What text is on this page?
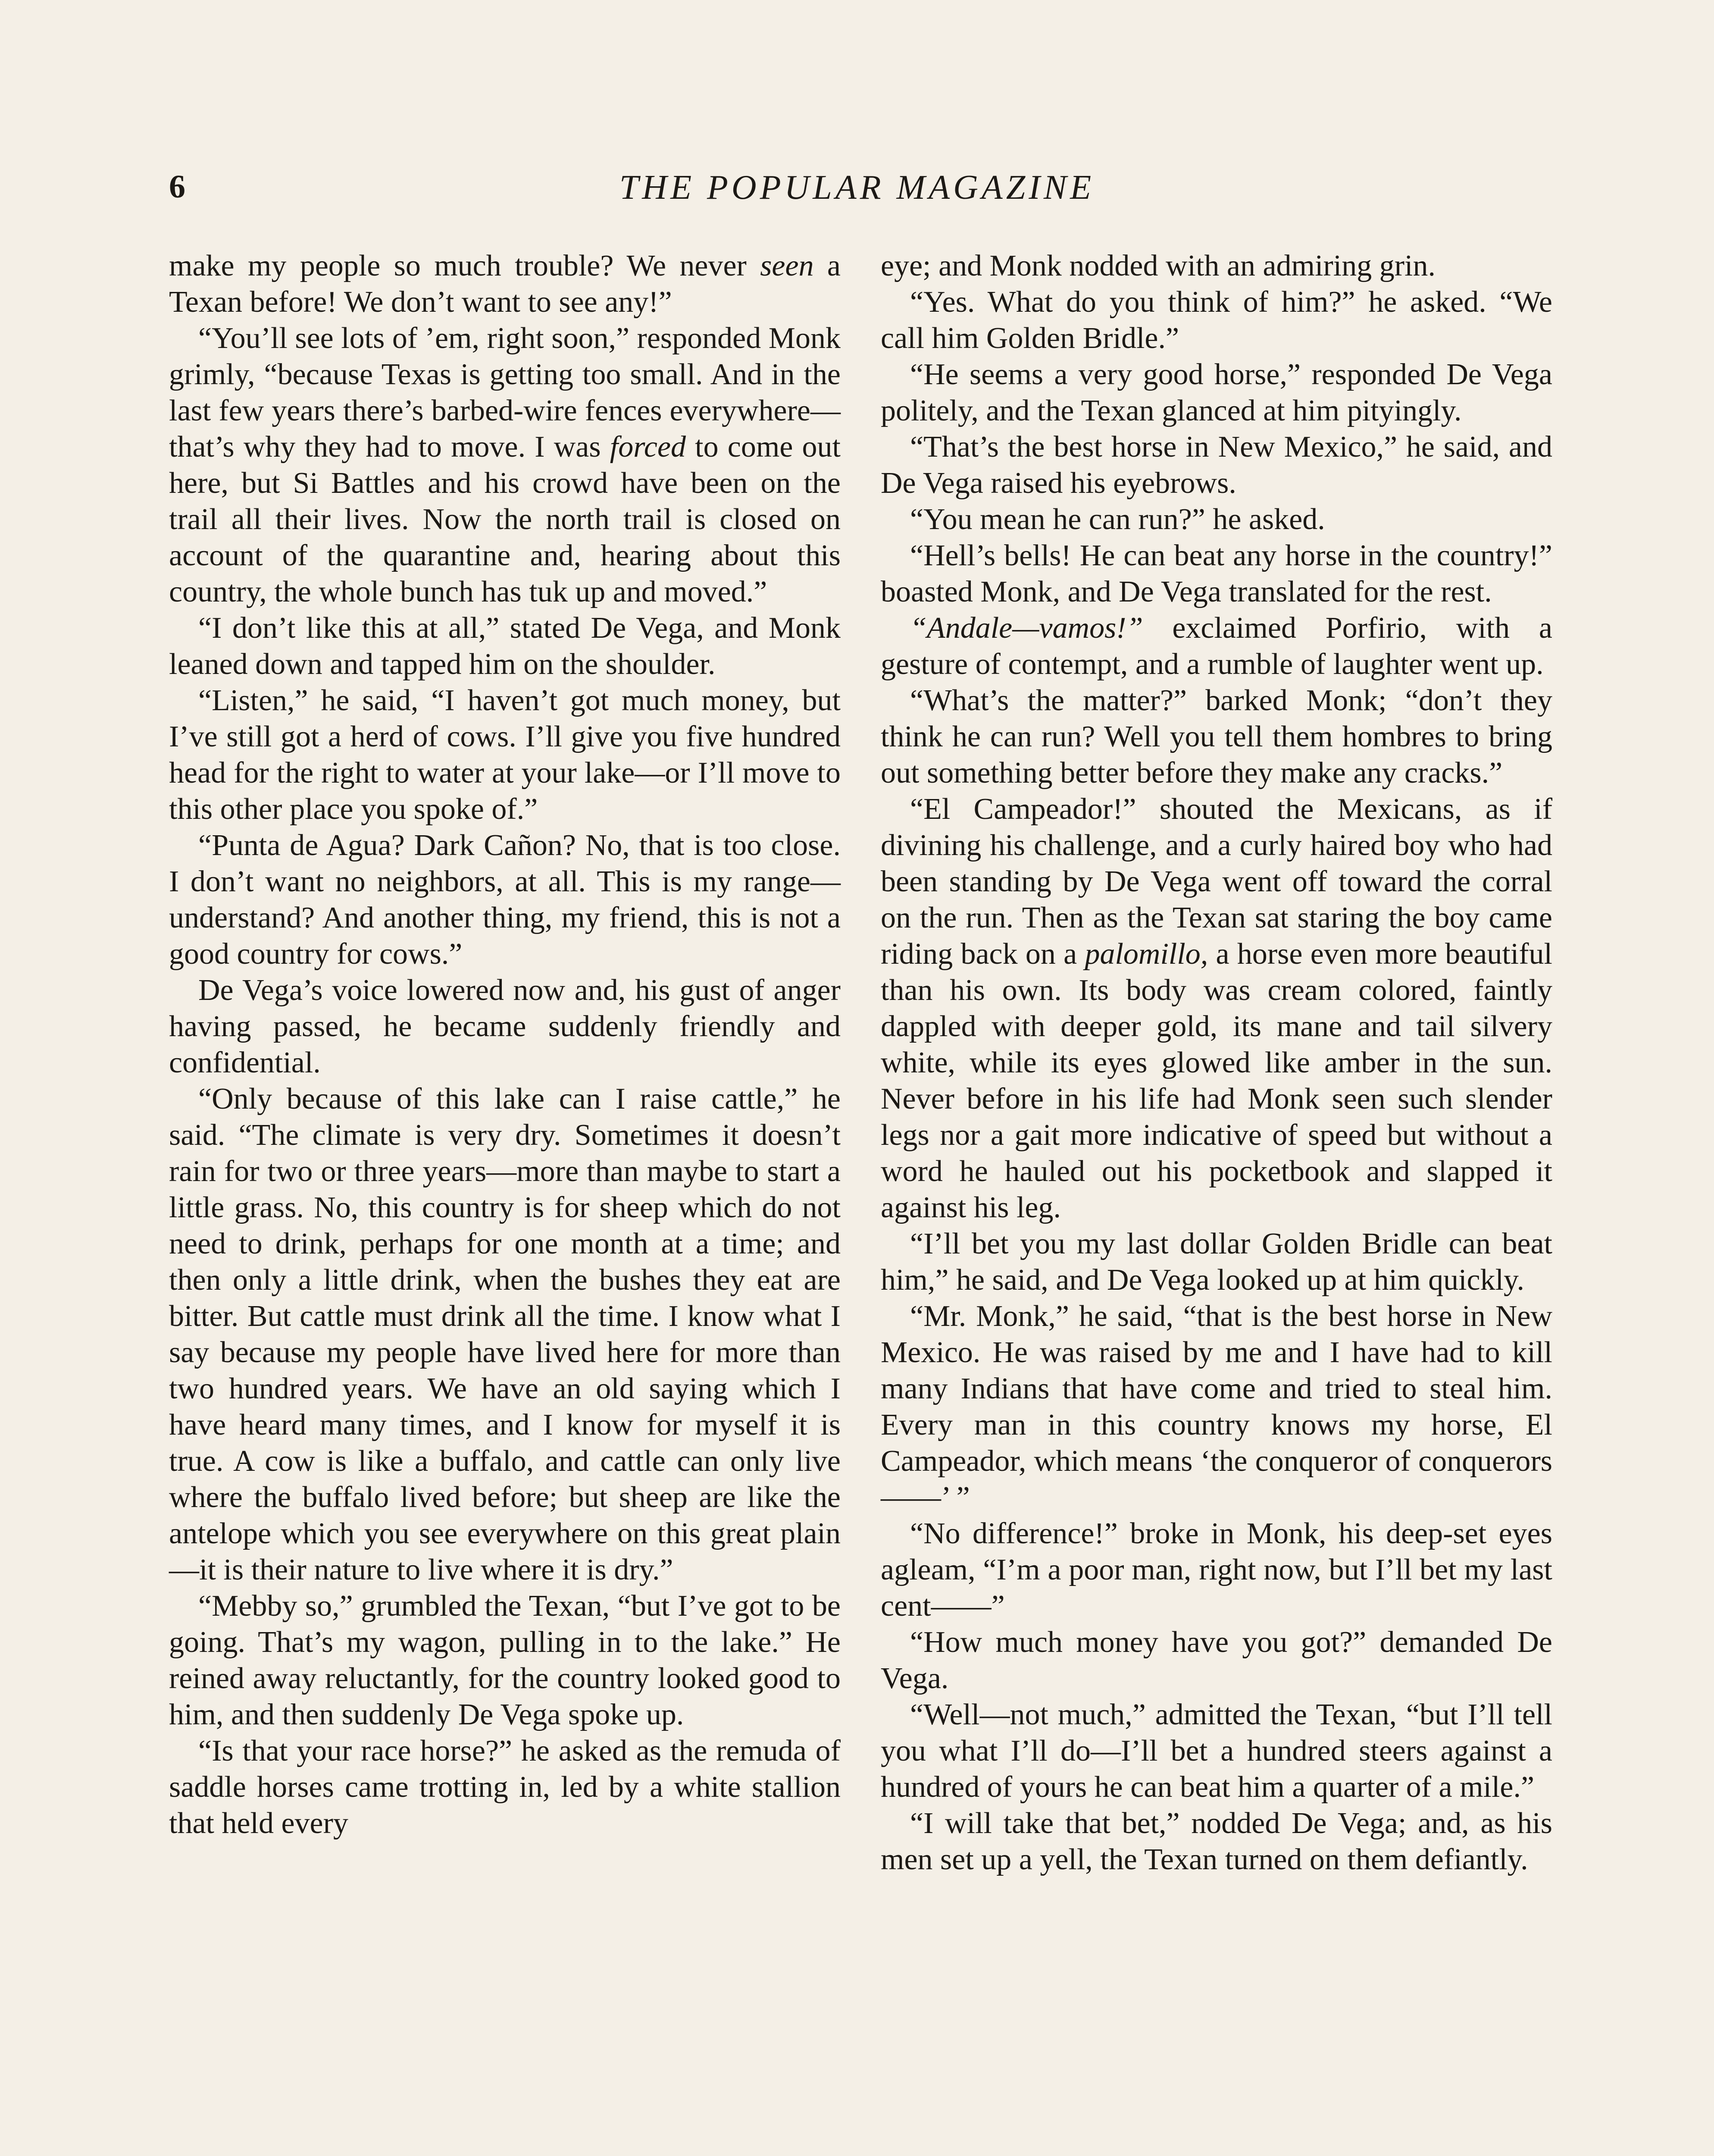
6	THE POPULAR MAGAZINE

make my people so much trouble? We never seen a Texan before! We don’t want to see any!”

“You’ll see lots of ’em, right soon,” responded Monk grimly, “because Texas is getting too small. And in the last few years there’s barbed-wire fences everywhere—that’s why they had to move. I was forced to come out here, but Si Battles and his crowd have been on the trail all their lives. Now the north trail is closed on account of the quarantine and, hearing about this country, the whole bunch has tuk up and moved.”

“I don’t like this at all,” stated De Vega, and Monk leaned down and tapped him on the shoulder.

“Listen,” he said, “I haven’t got much money, but I’ve still got a herd of cows. I’ll give you five hundred head for the right to water at your lake—or I’ll move to this other place you spoke of.”

“Punta de Agua? Dark Cañon? No, that is too close. I don’t want no neighbors, at all. This is my range—understand? And another thing, my friend, this is not a good country for cows.”

De Vega’s voice lowered now and, his gust of anger having passed, he became suddenly friendly and confidential.

“Only because of this lake can I raise cattle,” he said. “The climate is very dry. Sometimes it doesn’t rain for two or three years—more than maybe to start a little grass. No, this country is for sheep which do not need to drink, perhaps for one month at a time; and then only a little drink, when the bushes they eat are bitter. But cattle must drink all the time. I know what I say because my people have lived here for more than two hundred years. We have an old saying which I have heard many times, and I know for myself it is true. A cow is like a buffalo, and cattle can only live where the buffalo lived before; but sheep are like the antelope which you see everywhere on this great plain—it is their nature to live where it is dry.”

“Mebby so,” grumbled the Texan, “but I’ve got to be going. That’s my wagon, pulling in to the lake.” He reined away reluctantly, for the country looked good to him, and then suddenly De Vega spoke up.

“Is that your race horse?” he asked as the remuda of saddle horses came trotting in, led by a white stallion that held every

eye; and Monk nodded with an admiring grin.

“Yes. What do you think of him?” he asked. “We call him Golden Bridle.”

“He seems a very good horse,” responded De Vega politely, and the Texan glanced at him pityingly.

“That’s the best horse in New Mexico,” he said, and De Vega raised his eyebrows.

“You mean he can run?” he asked.

“Hell’s bells! He can beat any horse in the country!” boasted Monk, and De Vega translated for the rest.

“Andale—vamos!” exclaimed Porfirio, with a gesture of contempt, and a rumble of laughter went up.

“What’s the matter?” barked Monk; “don’t they think he can run? Well you tell them hombres to bring out something better before they make any cracks.”

“El Campeador!” shouted the Mexicans, as if divining his challenge, and a curly haired boy who had been standing by De Vega went off toward the corral on the run. Then as the Texan sat staring the boy came riding back on a palomillo, a horse even more beautiful than his own. Its body was cream colored, faintly dappled with deeper gold, its mane and tail silvery white, while its eyes glowed like amber in the sun. Never before in his life had Monk seen such slender legs nor a gait more indicative of speed but without a word he hauled out his pocketbook and slapped it against his leg.

“I’ll bet you my last dollar Golden Bridle can beat him,” he said, and De Vega looked up at him quickly.

“Mr. Monk,” he said, “that is the best horse in New Mexico. He was raised by me and I have had to kill many Indians that have come and tried to steal him. Every man in this country knows my horse, El Campeador, which means ‘the conqueror of conquerors——’ ”

“No difference!” broke in Monk, his deep-set eyes agleam, “I’m a poor man, right now, but I’ll bet my last cent——”

“How much money have you got?” demanded De Vega.

“Well—not much,” admitted the Texan, “but I’ll tell you what I’ll do—I’ll bet a hundred steers against a hundred of yours he can beat him a quarter of a mile.”

“I will take that bet,” nodded De Vega; and, as his men set up a yell, the Texan turned on them defiantly.
